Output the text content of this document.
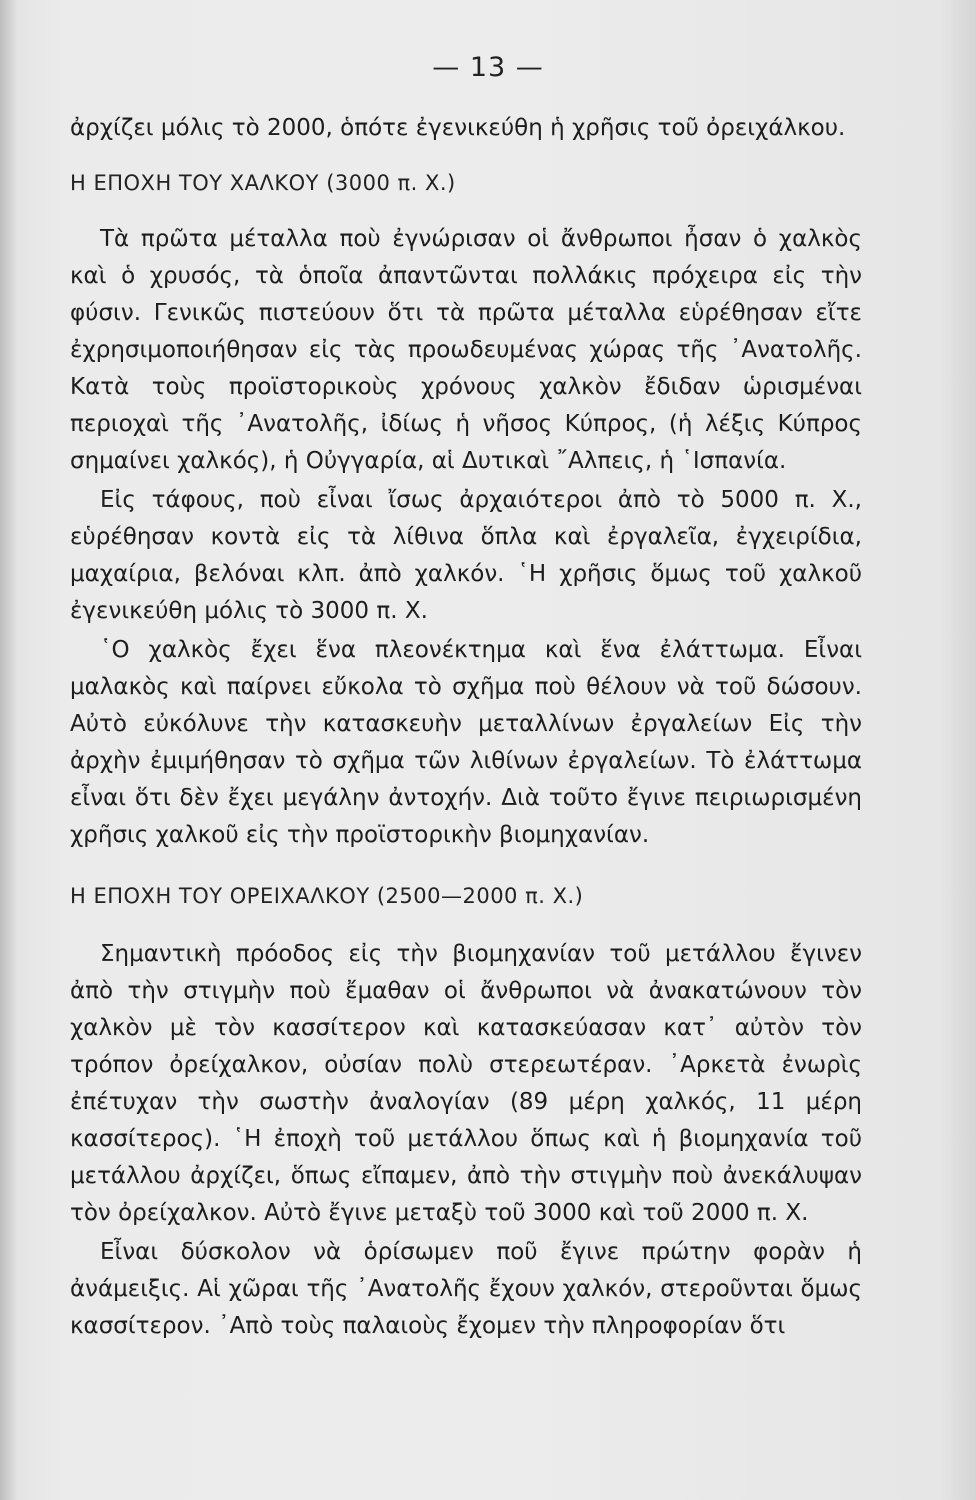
— 13 —

ἀρχίζει μόλις τὸ 2000, ὁπότε ἐγενικεύθη ἡ χρῆσις τοῦ ὀρειχάλκου.

Η ΕΠΟΧΗ ΤΟΥ ΧΑΛΚΟΥ (3000 π. Χ.)

Τὰ πρῶτα μέταλλα ποὺ ἐγνώρισαν οἱ ἄνθρωποι ἦσαν ὁ χαλκὸς καὶ ὁ χρυσός, τὰ ὁποῖα ἀπαντῶνται πολλάκις πρόχειρα εἰς τὴν φύσιν. Γενικῶς πιστεύουν ὅτι τὰ πρῶτα μέταλλα εὑρέθησαν εἴτε ἐχρησιμοποιήθησαν εἰς τὰς προωδευμένας χώρας τῆς ᾿Ανατολῆς. Κατὰ τοὺς προϊστορικοὺς χρόνους χαλκὸν ἔδιδαν ὡρισμέναι περιοχαὶ τῆς ᾿Ανατολῆς, ἰδίως ἡ νῆσος Κύπρος, (ἡ λέξις Κύπρος σημαίνει χαλκός), ἡ Οὐγγαρία, αἱ Δυτικαὶ ῎Αλπεις, ἡ ῾Ισπανία.

Εἰς τάφους, ποὺ εἶναι ἴσως ἀρχαιότεροι ἀπὸ τὸ 5000 π. Χ., εὑρέθησαν κοντὰ εἰς τὰ λίθινα ὅπλα καὶ ἐργαλεῖα, ἐγχειρίδια, μαχαίρια, βελόναι κλπ. ἀπὸ χαλκόν. ῾Η χρῆσις ὅμως τοῦ χαλκοῦ ἐγενικεύθη μόλις τὸ 3000 π. Χ.

῾Ο χαλκὸς ἔχει ἕνα πλεονέκτημα καὶ ἕνα ἐλάττωμα. Εἶναι μαλακὸς καὶ παίρνει εὔκολα τὸ σχῆμα ποὺ θέλουν νὰ τοῦ δώσουν. Αὐτὸ εὐκόλυνε τὴν κατασκευὴν μεταλλίνων ἐργαλείων Εἰς τὴν ἀρχὴν ἐμιμήθησαν τὸ σχῆμα τῶν λιθίνων ἐργαλείων. Τὸ ἐλάττωμα εἶναι ὅτι δὲν ἔχει μεγάλην ἀντοχήν. Διὰ τοῦτο ἔγινε πειριωρισμένη χρῆσις χαλκοῦ εἰς τὴν προϊστορικὴν βιομηχανίαν.

Η ΕΠΟΧΗ ΤΟΥ ΟΡΕΙΧΑΛΚΟΥ (2500—2000 π. Χ.)

Σημαντικὴ πρόοδος εἰς τὴν βιομηχανίαν τοῦ μετάλλου ἔγινεν ἀπὸ τὴν στιγμὴν ποὺ ἔμαθαν οἱ ἄνθρωποι νὰ ἀνακατώνουν τὸν χαλκὸν μὲ τὸν κασσίτερον καὶ κατασκεύασαν κατ᾿ αὐτὸν τὸν τρόπον ὀρείχαλκον, οὐσίαν πολὺ στερεωτέραν. ᾿Αρκετὰ ἐνωρὶς ἐπέτυχαν τὴν σωστὴν ἀναλογίαν (89 μέρη χαλκός, 11 μέρη κασσίτερος). ῾Η ἐποχὴ τοῦ μετάλλου ὅπως καὶ ἡ βιομηχανία τοῦ μετάλλου ἀρχίζει, ὅπως εἴπαμεν, ἀπὸ τὴν στιγμὴν ποὺ ἀνεκάλυψαν τὸν ὀρείχαλκον. Αὐτὸ ἔγινε μεταξὺ τοῦ 3000 καὶ τοῦ 2000 π. Χ.

Εἶναι δύσκολον νὰ ὁρίσωμεν ποῦ ἔγινε πρώτην φορὰν ἡ ἀνάμειξις. Αἱ χῶραι τῆς ᾿Ανατολῆς ἔχουν χαλκόν, στεροῦνται ὅμως κασσίτερον. ᾿Απὸ τοὺς παλαιοὺς ἔχομεν τὴν πληροφορίαν ὅτι
